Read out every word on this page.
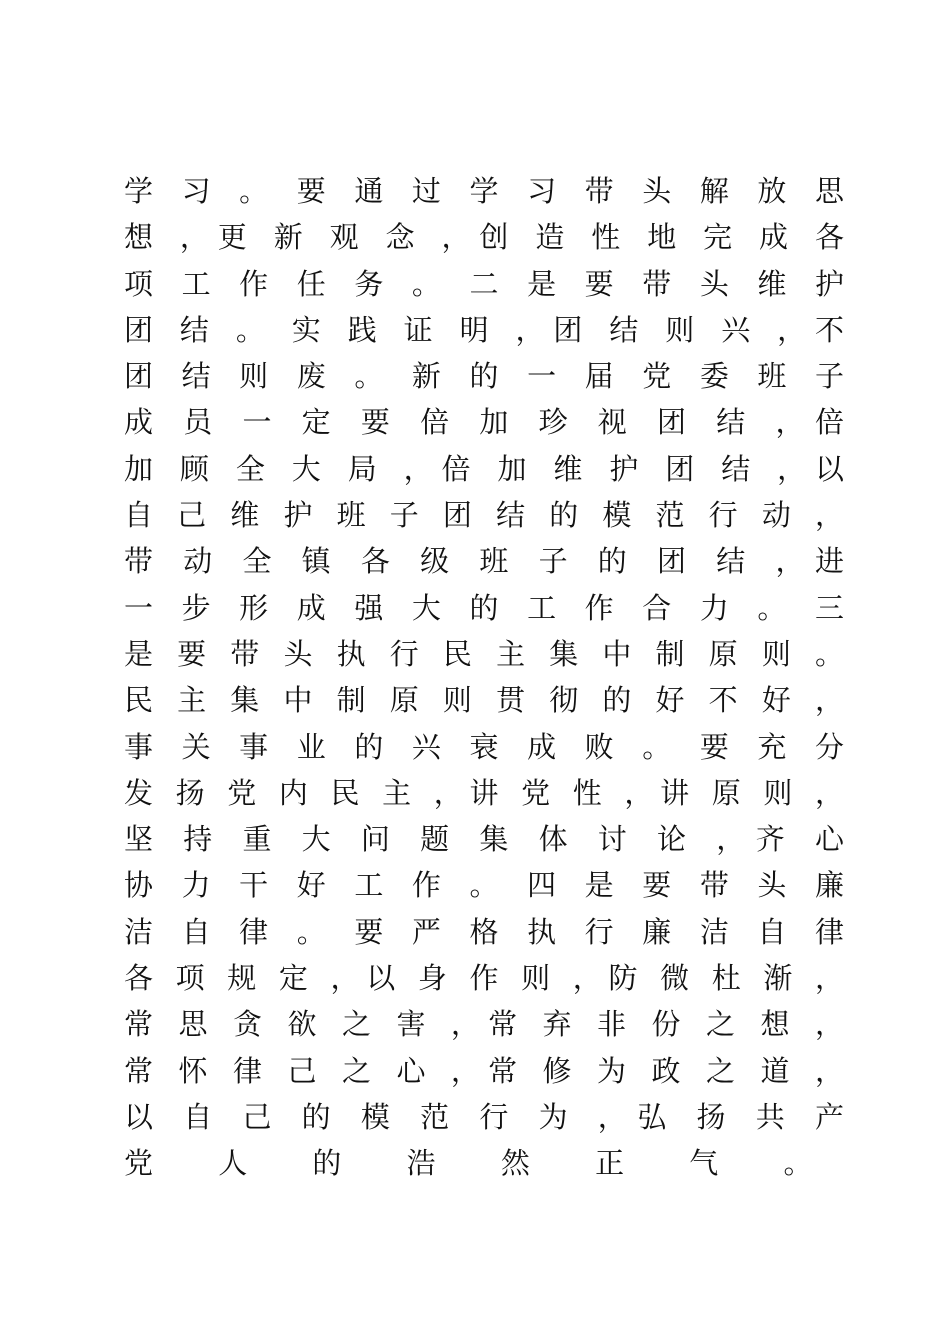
学 习 。 要 通 过 学 习 带 头 解 放 思
想 ，更 新 观 念 ，创 造 性 地 完 成 各
项 工 作 任 务 。 二 是 要 带 头 维 护
团 结 。 实 践 证 明 ，团 结 则 兴 ，不
团 结 则 废 。 新 的 一 届 党 委 班 子
成 员 一 定 要 倍 加 珍 视 团 结 ，倍
加 顾 全 大 局 ，倍 加 维 护 团 结 ，以
自 己 维 护 班 子 团 结 的 模 范 行 动 ，
带 动 全 镇 各 级 班 子 的 团 结 ，进
一 步 形 成 强 大 的 工 作 合 力 。 三
是 要 带 头 执 行 民 主 集 中 制 原 则 。
民 主 集 中 制 原 则 贯 彻 的 好 不 好 ，
事 关 事 业 的 兴 衰 成 败 。 要 充 分
发 扬 党 内 民 主 ，讲 党 性 ，讲 原 则 ，
坚 持 重 大 问 题 集 体 讨 论 ，齐 心
协 力 干 好 工 作 。 四 是 要 带 头 廉
洁 自 律 。 要 严 格 执 行 廉 洁 自 律
各 项 规 定 ，以 身 作 则 ，防 微 杜 渐 ，
常 思 贪 欲 之 害 ，常 弃 非 份 之 想 ，
常 怀 律 己 之 心 ，常 修 为 政 之 道 ，
以 自 己 的 模 范 行 为 ，弘 扬 共 产
党 人 的 浩 然 正 气 。
